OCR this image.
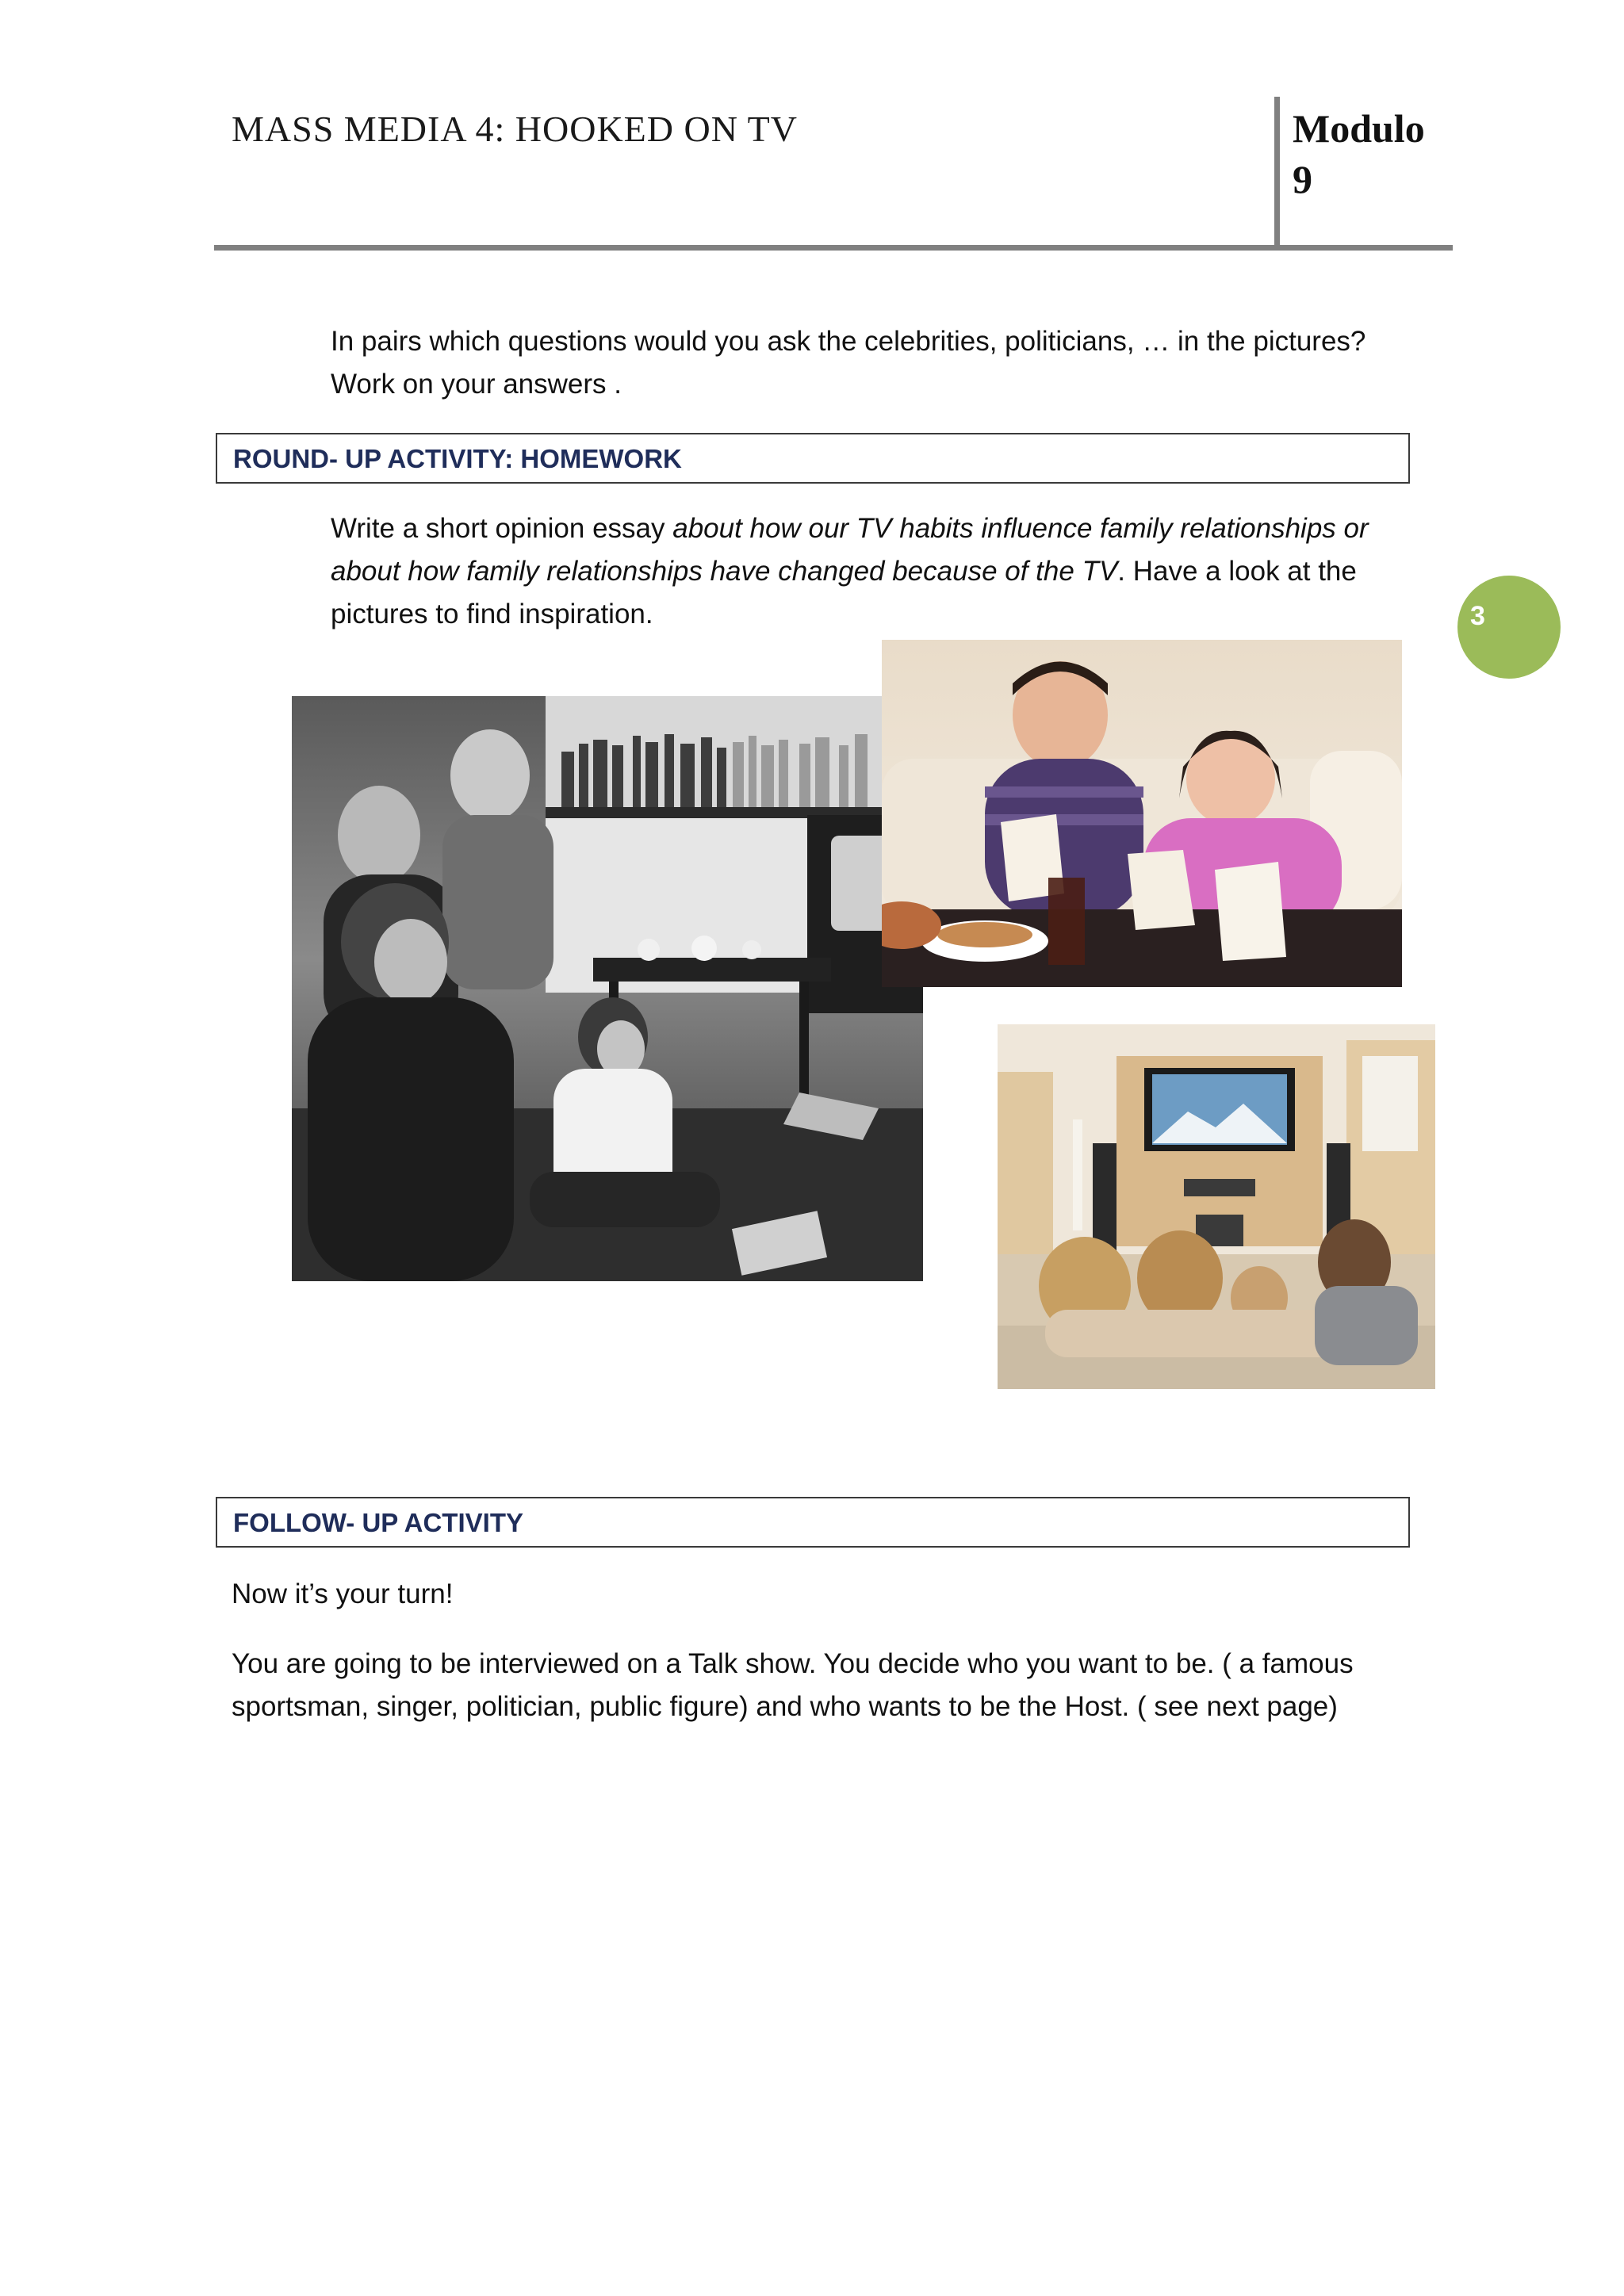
MASS MEDIA 4: HOOKED ON TV	Modulo
9
3
In pairs which questions would you ask the celebrities, politicians, … in the pictures?
Work on your answers .
ROUND- UP ACTIVITY: HOMEWORK
Write a short opinion essay about how our TV habits influence family relationships or about how family relationships have changed because of the TV. Have a look at the pictures to find inspiration.
FOLLOW- UP ACTIVITY
Now it’s your turn!
You are going to be interviewed on a Talk show. You decide who you want to be. ( a famous sportsman, singer, politician, public figure) and who wants to be the Host. ( see next page)
